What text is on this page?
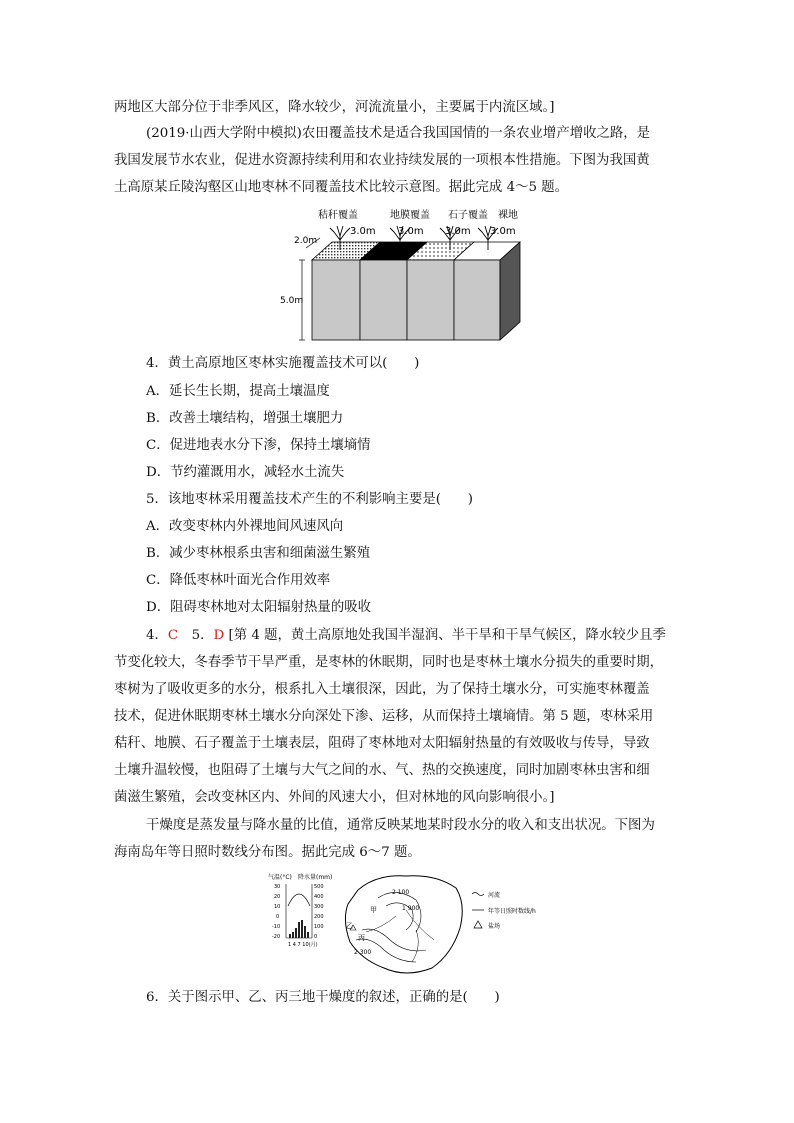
两地区大部分位于非季风区，降水较少，河流流量小，主要属于内流区域。]
(2019·山西大学附中模拟)农田覆盖技术是适合我国国情的一条农业增产增收之路，是
我国发展节水农业，促进水资源持续利用和农业持续发展的一项根本性措施。下图为我国黄
土高原某丘陵沟壑区山地枣林不同覆盖技术比较示意图。据此完成 4～5 题。
秸秆覆盖	地膜覆盖 石子覆盖 裸地
3.0m 3.0m 3.0m 3.0m
2.0m
5.0m
4．黄土高原地区枣林实施覆盖技术可以(　　)
A．延长生长期，提高土壤温度
B．改善土壤结构，增强土壤肥力
C．促进地表水分下渗，保持土壤墒情
D．节约灌溉用水，减轻水土流失
5．该地枣林采用覆盖技术产生的不利影响主要是(　　)
A．改变枣林内外裸地间风速风向
B．减少枣林根系虫害和细菌滋生繁殖
C．降低枣林叶面光合作用效率
D．阻碍枣林地对太阳辐射热量的吸收
4．C　 5．D [第 4 题，黄土高原地处我国半湿润、半干旱和干旱气候区，降水较少且季
节变化较大，冬春季节干旱严重，是枣林的休眠期，同时也是枣林土壤水分损失的重要时期，
枣树为了吸收更多的水分，根系扎入土壤很深，因此，为了保持土壤水分，可实施枣林覆盖
技术，促进休眠期枣林土壤水分向深处下渗、运移，从而保持土壤墒情。第 5 题，枣林采用
秸秆、地膜、石子覆盖于土壤表层，阻碍了枣林地对太阳辐射热量的有效吸收与传导，导致
土壤升温较慢，也阻碍了土壤与大气之间的水、气、热的交换速度，同时加剧枣林虫害和细
菌滋生繁殖，会改变林区内、外间的风速大小，但对林地的风向影响很小。]
干燥度是蒸发量与降水量的比值，通常反映某地某时段水分的收入和支出状况。下图为
海南岛年等日照时数线分布图。据此完成 6～7 题。
气温(°C) 降水量(mm)
30
20
10
0
-10
-20
500
400
300
200
100
0
1 4 7 10(月)
2 100
1 900
2 300
甲
乙
丙
河流
年等日照时数线/h
盐场
6．关于图示甲、乙、丙三地干燥度的叙述，正确的是(　　)
